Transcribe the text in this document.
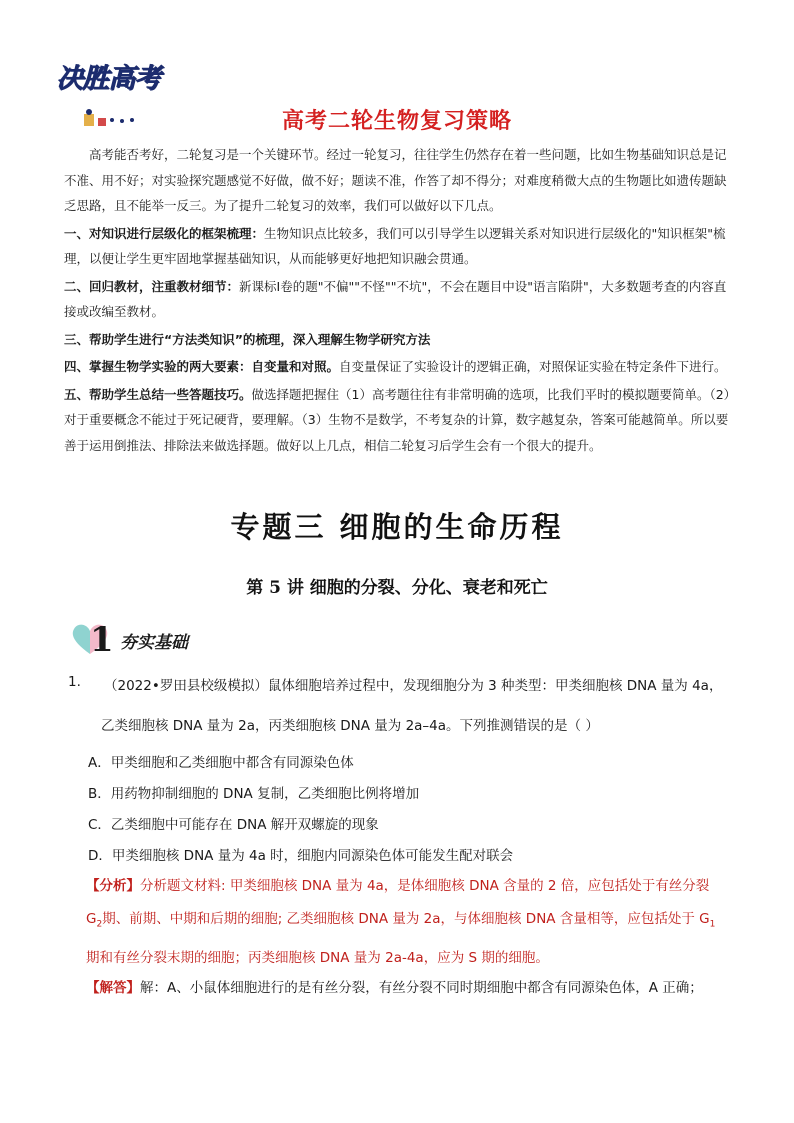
决胜高考
高考二轮生物复习策略

高考能否考好，二轮复习是一个关键环节。经过一轮复习，往往学生仍然存在着一些问题，比如生物基础知识总是记不准、用不好；对实验探究题感觉不好做，做不好；题读不准，作答了却不得分；对难度稍微大点的生物题比如遗传题缺乏思路，且不能举一反三。为了提升二轮复习的效率，我们可以做好以下几点。

一、对知识进行层级化的框架梳理：生物知识点比较多，我们可以引导学生以逻辑关系对知识进行层级化的"知识框架"梳理，以便让学生更牢固地掌握基础知识，从而能够更好地把知识融会贯通。

二、回归教材，注重教材细节：新课标Ⅰ卷的题"不偏""不怪""不坑"，不会在题目中设"语言陷阱"，大多数题考查的内容直接或改编至教材。

三、帮助学生进行“方法类知识”的梳理，深入理解生物学研究方法

四、掌握生物学实验的两大要素：自变量和对照。自变量保证了实验设计的逻辑正确，对照保证实验在特定条件下进行。

五、帮助学生总结一些答题技巧。做选择题把握住（1）高考题往往有非常明确的选项，比我们平时的模拟题要简单。（2）对于重要概念不能过于死记硬背，要理解。（3）生物不是数学，不考复杂的计算，数字越复杂，答案可能越简单。所以要善于运用倒推法、排除法来做选择题。做好以上几点，相信二轮复习后学生会有一个很大的提升。

专题三 细胞的生命历程
第 5 讲 细胞的分裂、分化、衰老和死亡
1 夯实基础
1. （2022•罗田县校级模拟）鼠体细胞培养过程中，发现细胞分为 3 种类型：甲类细胞核 DNA 量为 4a，
乙类细胞核 DNA 量为 2a，丙类细胞核 DNA 量为 2a–4a。下列推测错误的是（ ）
A．甲类细胞和乙类细胞中都含有同源染色体
B．用药物抑制细胞的 DNA 复制，乙类细胞比例将增加
C．乙类细胞中可能存在 DNA 解开双螺旋的现象
D．甲类细胞核 DNA 量为 4a 时，细胞内同源染色体可能发生配对联会

【分析】分析题文材料: 甲类细胞核 DNA 量为 4a，是体细胞核 DNA 含量的 2 倍，应包括处于有丝分裂

$G_2$期、前期、中期和后期的细胞; 乙类细胞核 DNA 量为 2a，与体细胞核 DNA 含量相等，应包括处于 $G_1$

期和有丝分裂末期的细胞；丙类细胞核 DNA 量为 2a-4a，应为 S 期的细胞。

【解答】解：A、小鼠体细胞进行的是有丝分裂，有丝分裂不同时期细胞中都含有同源染色体，A 正确；
